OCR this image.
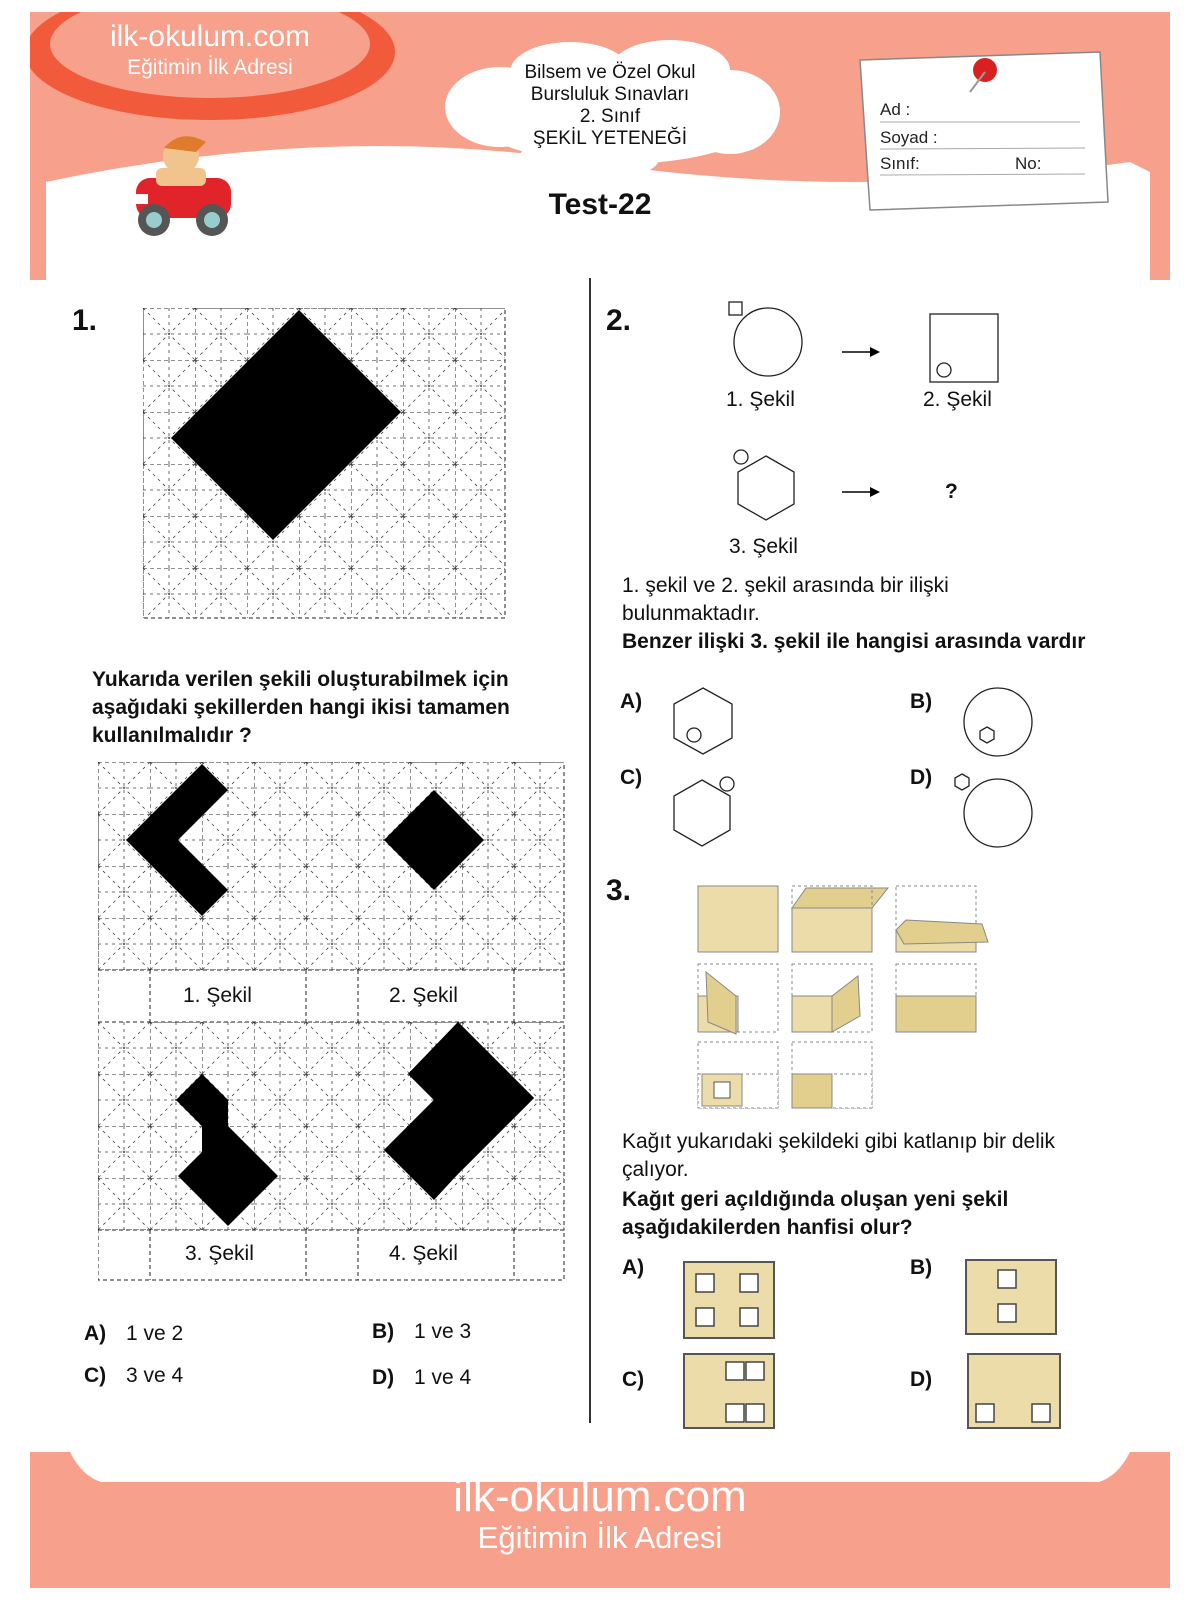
ilk-okulum.com
Eğitimin İlk Adresi	Bilsem ve Özel Okul
Bursluluk Sınavları
2. Sınıf
ŞEKİL YETENEĞİ
Test-22
Ad :
Soyad :
Sınıf:	No:
1.
Yukarıda verilen şekili oluşturabilmek için aşağıdaki şekillerden hangi ikisi tamamen kullanılmalıdır ?
1. Şekil	2. Şekil
3. Şekil	4. Şekil
A) 1 ve 2	B) 1 ve 3
C) 3 ve 4	D) 1 ve 4
2.
1. Şekil	2. Şekil
3. Şekil
?
1. şekil ve 2. şekil arasında bir ilişki bulunmaktadır.
Benzer ilişki 3. şekil ile hangisi arasında vardır
A)	B)
C)	D)
3.
Kağıt yukarıdaki şekildeki gibi katlanıp bir delik çalıyor.
Kağıt geri açıldığında oluşan yeni şekil aşağıdakilerden hanfisi olur?
A)	B)
C)	D)
ilk-okulum.com
Eğitimin İlk Adresi
